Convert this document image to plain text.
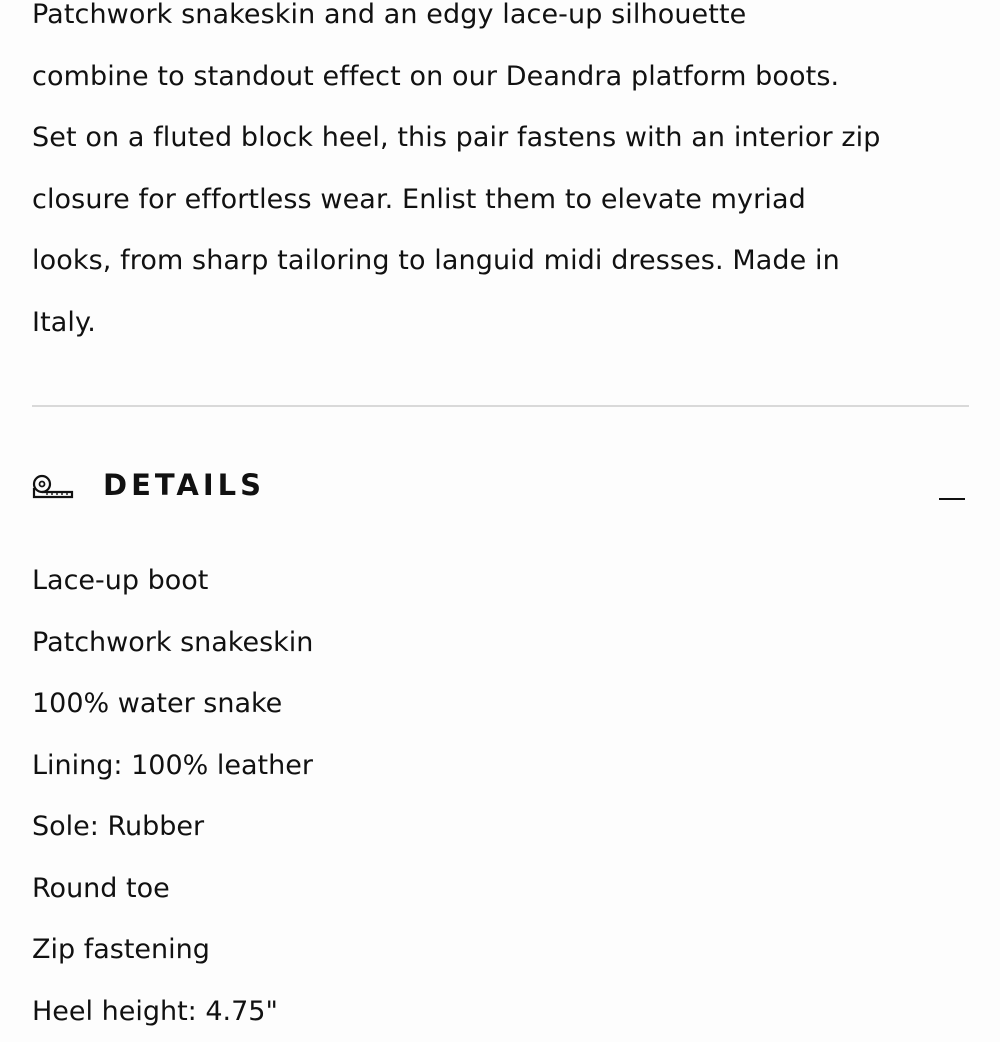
Patchwork snakeskin and an edgy lace-up silhouette
combine to standout effect on our Deandra platform boots.
Set on a fluted block heel, this pair fastens with an interior zip
closure for effortless wear. Enlist them to elevate myriad
looks, from sharp tailoring to languid midi dresses. Made in
Italy.

DETAILS
Lace-up boot
Patchwork snakeskin
100% water snake
Lining: 100% leather
Sole: Rubber
Round toe
Zip fastening
Heel height: 4.75"
